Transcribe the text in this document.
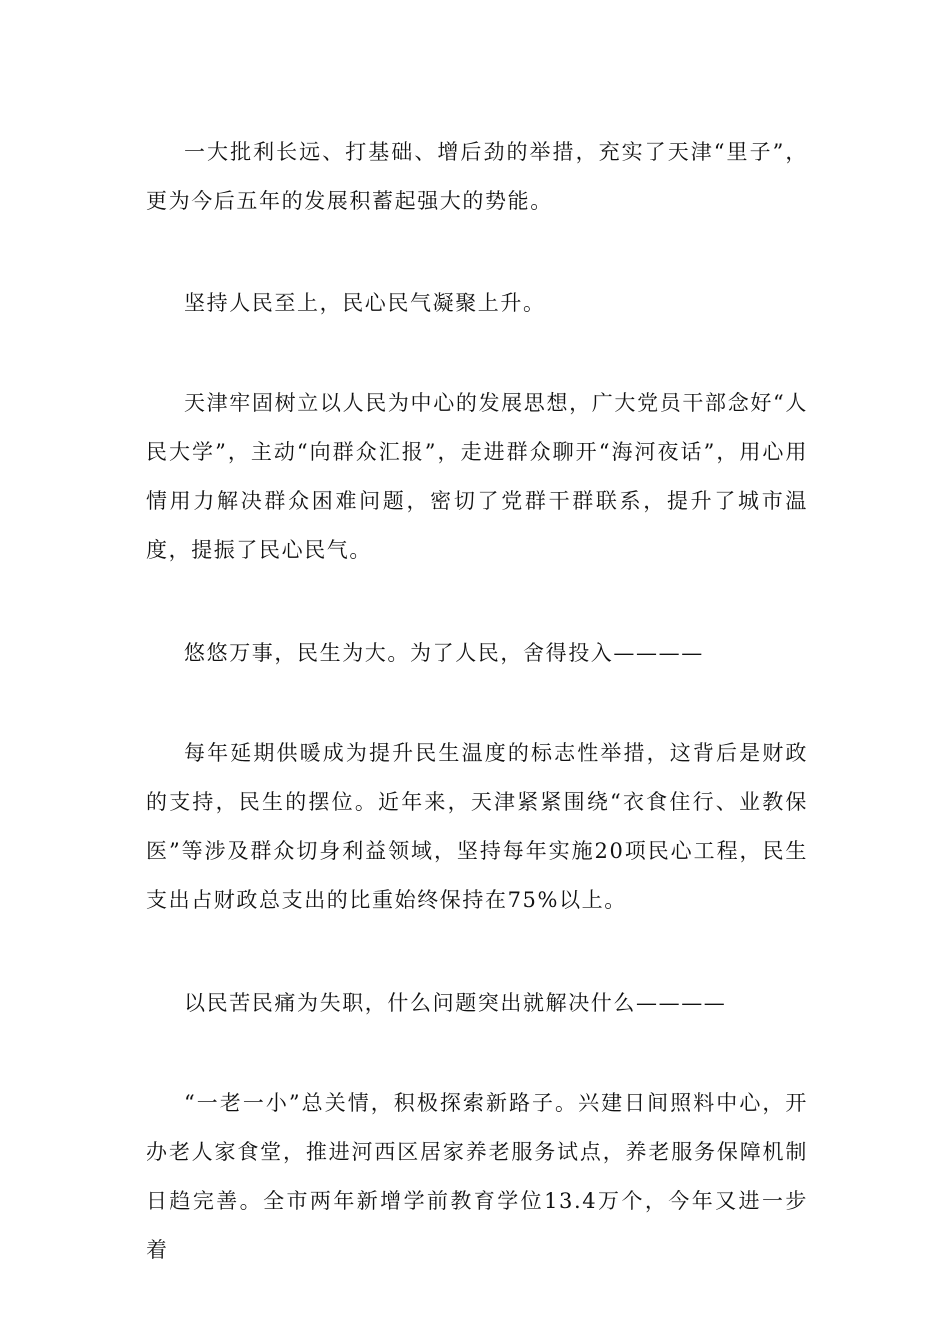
一大批利长远、打基础、增后劲的举措，充实了天津“里子”，更为今后五年的发展积蓄起强大的势能。

坚持人民至上，民心民气凝聚上升。

天津牢固树立以人民为中心的发展思想，广大党员干部念好“人民大学”，主动“向群众汇报”，走进群众聊开“海河夜话”，用心用情用力解决群众困难问题，密切了党群干群联系，提升了城市温度，提振了民心民气。

悠悠万事，民生为大。为了人民，舍得投入————

每年延期供暖成为提升民生温度的标志性举措，这背后是财政的支持，民生的摆位。近年来，天津紧紧围绕“衣食住行、业教保医”等涉及群众切身利益领域，坚持每年实施20项民心工程，民生支出占财政总支出的比重始终保持在75%以上。

以民苦民痛为失职，什么问题突出就解决什么————

“一老一小”总关情，积极探索新路子。兴建日间照料中心，开办老人家食堂，推进河西区居家养老服务试点，养老服务保障机制日趋完善。全市两年新增学前教育学位13.4万个，今年又进一步着
